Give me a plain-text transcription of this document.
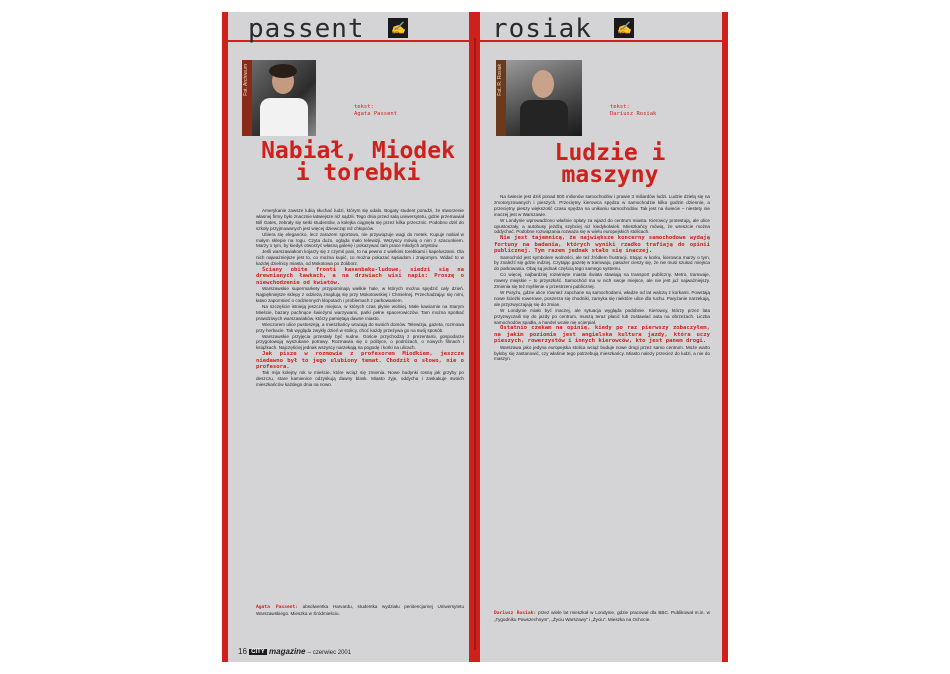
passent ✍
Fot. Archiwum
tekst:
Agata Passent
Nabiał, Miodek i torebki

Amerykanie zawsze lubią słuchać ludzi, którym się udało. Bogaty student poradzi, że stworzenie własnej firmy było znacznie łatwiejsze niż sądził. Tego dnia przed salą uniwersytetu, gdzie przemawiał Bill Gates, zebrały się setki studentów, a kolejka ciągnęła się przez kilka przecznic. Podobno dziś do szkoły przyjmowanych jest więcej dziewcząt niż chłopców.

Ubiera się elegancko, lecz zarazem sportowo, nie przywiązuje wagi do metek. Kupuje nabiał w małym sklepie na rogu. Czyta dużo, ogląda mało telewizji. Wszyscy mówią o nim z szacunkiem. Marzy o tym, by kiedyś otworzyć własną galerię i pokazywać tam prace młodych artystów.

Jeśli warszawiakom kojarzy się z czymś pani, to na pewno z wielkimi torebkami i kapeluszami. Dla nich najważniejsze jest to, co można kupić, co można pokazać sąsiadom i znajomym. Widać to w każdej dzielnicy miasta, od Mokotowa po Żoliborz.

Ściany obite fronti kasenbaku-ludowe, siedzi się na drewnianych ławkach, a na drzwiach wisi napis: Proszę o niewchodzenie od kwiatów.

Warszawskie supermarkety przypominają wielkie hale, w których można spędzić cały dzień. Najpiękniejsze sklepy z odzieżą znajdują się przy Mokotowskiej i Chmielnej. Przechadzając się nimi, łatwo zapomnieć o codziennych kłopotach i problemach z parkowaniem.

Na szczęście istnieją jeszcze miejsca, w których czas płynie wolniej. Małe kawiarnie na Starym Mieście, bazary pachnące świeżymi warzywami, parki pełne spacerowiczów. Tam można spotkać prawdziwych warszawiaków, którzy pamiętają dawne miasto.

Wieczorem ulice pustoszeją, a mieszkańcy wracają do swoich domów. Telewizja, gazeta, rozmowa przy herbacie. Tak wygląda zwykły dzień w stolicy, choć każdy przeżywa go na swój sposób.

Warszawskie przyjęcia przestały być nudne. Goście przychodzą z prezentami, gospodarze przygotowują wyszukane potrawy. Rozmawia się o polityce, o podróżach, o nowych filmach i książkach. Najczęściej jednak wszyscy narzekają na pogodę i korki na ulicach.

Jak pisze w rozmowie z profesorem Miodkiem, jeszcze niedawno był to jego ulubiony temat. Chodził o słowo, nie o profesora.

Tak mija kolejny rok w mieście, które wciąż się zmienia. Nowe budynki rosną jak grzyby po deszczu, stare kamienice odzyskują dawny blask. Miasto żyje, oddycha i zaskakuje swoich mieszkańców każdego dnia na nowo.

Agata Passent: absolwentka Harvardu, studentka wydziału penitencjarnej Uniwersytetu Warszawskiego. Mieszka w Śródmieściu.
16 CITY magazine – czerwiec 2001
rosiak ✍
Fot. R. Rosiak
tekst:
Dariusz Rosiak
Ludzie i maszyny

Na świecie jest dziś ponad 500 milionów samochodów i prawie 3 miliardów ludzi. Ludzie dzielą się na zmotoryzowanych i pieszych. Przeciętny kierowca spędza w samochodzie kilka godzin dziennie, a przeciętny pieszy większość czasu spędza na unikaniu samochodów. Tak jest na świecie – niestety nie inaczej jest w Warszawie.

W Londynie wprowadzono właśnie opłaty za wjazd do centrum miasta. Kierowcy protestują, ale ulice opustoszały, a autobusy jeżdżą szybciej niż kiedykolwiek. Mieszkańcy mówią, że wreszcie można oddychać. Podobne rozwiązania rozważa się w wielu europejskich stolicach.

Nie jest tajemnicą, że największe koncerny samochodowe wydają fortuny na badania, których wyniki rzadko trafiają do opinii publicznej. Tym razem jednak stało się inaczej.

Samochód jest symbolem wolności, ale też źródłem frustracji. Stojąc w korku, kierowca marzy o tym, by znaleźć się gdzie indziej. Czytając gazetę w tramwaju, pasażer cieszy się, że nie musi szukać miejsca do parkowania. Obaj są jednak częścią tego samego systemu.

Co więcej, najbardziej rozwinięte miasta świata stawiają na transport publiczny. Metro, tramwaje, rowery miejskie – to przyszłość. Samochód ma w nich swoje miejsce, ale nie jest już najważniejszy. Zmienia się też myślenie o przestrzeni publicznej.

W Paryżu, gdzie ulice również zapchane są samochodami, władze od lat walczą z korkami. Powstają nowe ścieżki rowerowe, poszerza się chodniki, zamyka się niektóre ulice dla ruchu. Paryżanie narzekają, ale przyzwyczajają się do zmian.

W Londynie miało być inaczej, ale sytuacja wygląda podobnie. Kierowcy, którzy przez lata przyzwyczaili się do jazdy po centrum, muszą teraz płacić lub zostawiać auta na obrzeżach. Liczba samochodów spadła, a handel wcale nie ucierpiał.

Ostatnio czekam na opinię, kiedy po raz pierwszy zobaczyłem, na jakim poziomie jest angielska kultura jazdy, która uczy pieszych, rowerzystów i innych kierowców, kto jest panem drogi.

Warszawa jako jedyna europejska stolica wciąż buduje nowe drogi przez samo centrum. Może warto byłoby się zastanowić, czy właśnie tego potrzebują mieszkańcy. Miasto należy przecież do ludzi, a nie do maszyn.

Dariusz Rosiak: przez wiele lat mieszkał w Londynie, gdzie pracował dla BBC. Publikował m.in. w „Tygodniku Powszechnym”, „Życiu Warszawy” i „Życiu”. Mieszka na Ochocie.
